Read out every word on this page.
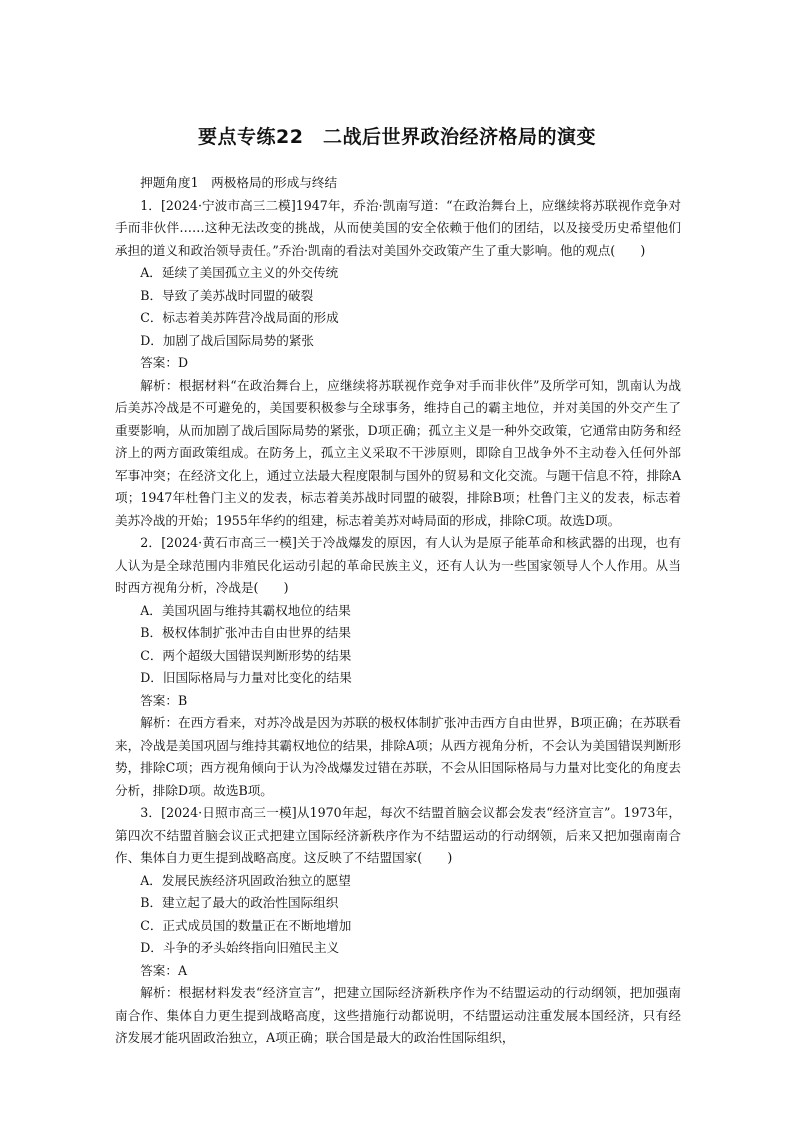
要点专练22　二战后世界政治经济格局的演变

押题角度1　两极格局的形成与终结

1．[2024·宁波市高三二模]1947年，乔治·凯南写道：“在政治舞台上，应继续将苏联视作竞争对手而非伙伴……这种无法改变的挑战，从而使美国的安全依赖于他们的团结，以及接受历史希望他们承担的道义和政治领导责任。”乔治·凯南的看法对美国外交政策产生了重大影响。他的观点(　　)

A．延续了美国孤立主义的外交传统

B．导致了美苏战时同盟的破裂

C．标志着美苏阵营冷战局面的形成

D．加剧了战后国际局势的紧张

答案：D

解析：根据材料“在政治舞台上，应继续将苏联视作竞争对手而非伙伴”及所学可知，凯南认为战后美苏冷战是不可避免的，美国要积极参与全球事务，维持自己的霸主地位，并对美国的外交产生了重要影响，从而加剧了战后国际局势的紧张，D项正确；孤立主义是一种外交政策，它通常由防务和经济上的两方面政策组成。在防务上，孤立主义采取不干涉原则，即除自卫战争外不主动卷入任何外部军事冲突；在经济文化上，通过立法最大程度限制与国外的贸易和文化交流。与题干信息不符，排除A项；1947年杜鲁门主义的发表，标志着美苏战时同盟的破裂，排除B项；杜鲁门主义的发表，标志着美苏冷战的开始；1955年华约的组建，标志着美苏对峙局面的形成，排除C项。故选D项。

2．[2024·黄石市高三一模]关于冷战爆发的原因，有人认为是原子能革命和核武器的出现，也有人认为是全球范围内非殖民化运动引起的革命民族主义，还有人认为一些国家领导人个人作用。从当时西方视角分析，冷战是(　　)

A．美国巩固与维持其霸权地位的结果

B．极权体制扩张冲击自由世界的结果

C．两个超级大国错误判断形势的结果

D．旧国际格局与力量对比变化的结果

答案：B

解析：在西方看来，对苏冷战是因为苏联的极权体制扩张冲击西方自由世界，B项正确；在苏联看来，冷战是美国巩固与维持其霸权地位的结果，排除A项；从西方视角分析，不会认为美国错误判断形势，排除C项；西方视角倾向于认为冷战爆发过错在苏联，不会从旧国际格局与力量对比变化的角度去分析，排除D项。故选B项。

3．[2024·日照市高三一模]从1970年起，每次不结盟首脑会议都会发表“经济宣言”。1973年，第四次不结盟首脑会议正式把建立国际经济新秩序作为不结盟运动的行动纲领，后来又把加强南南合作、集体自力更生提到战略高度。这反映了不结盟国家(　　)

A．发展民族经济巩固政治独立的愿望

B．建立起了最大的政治性国际组织

C．正式成员国的数量正在不断地增加

D．斗争的矛头始终指向旧殖民主义

答案：A

解析：根据材料发表“经济宣言”，把建立国际经济新秩序作为不结盟运动的行动纲领，把加强南南合作、集体自力更生提到战略高度，这些措施行动都说明，不结盟运动注重发展本国经济，只有经济发展才能巩固政治独立，A项正确；联合国是最大的政治性国际组织，
